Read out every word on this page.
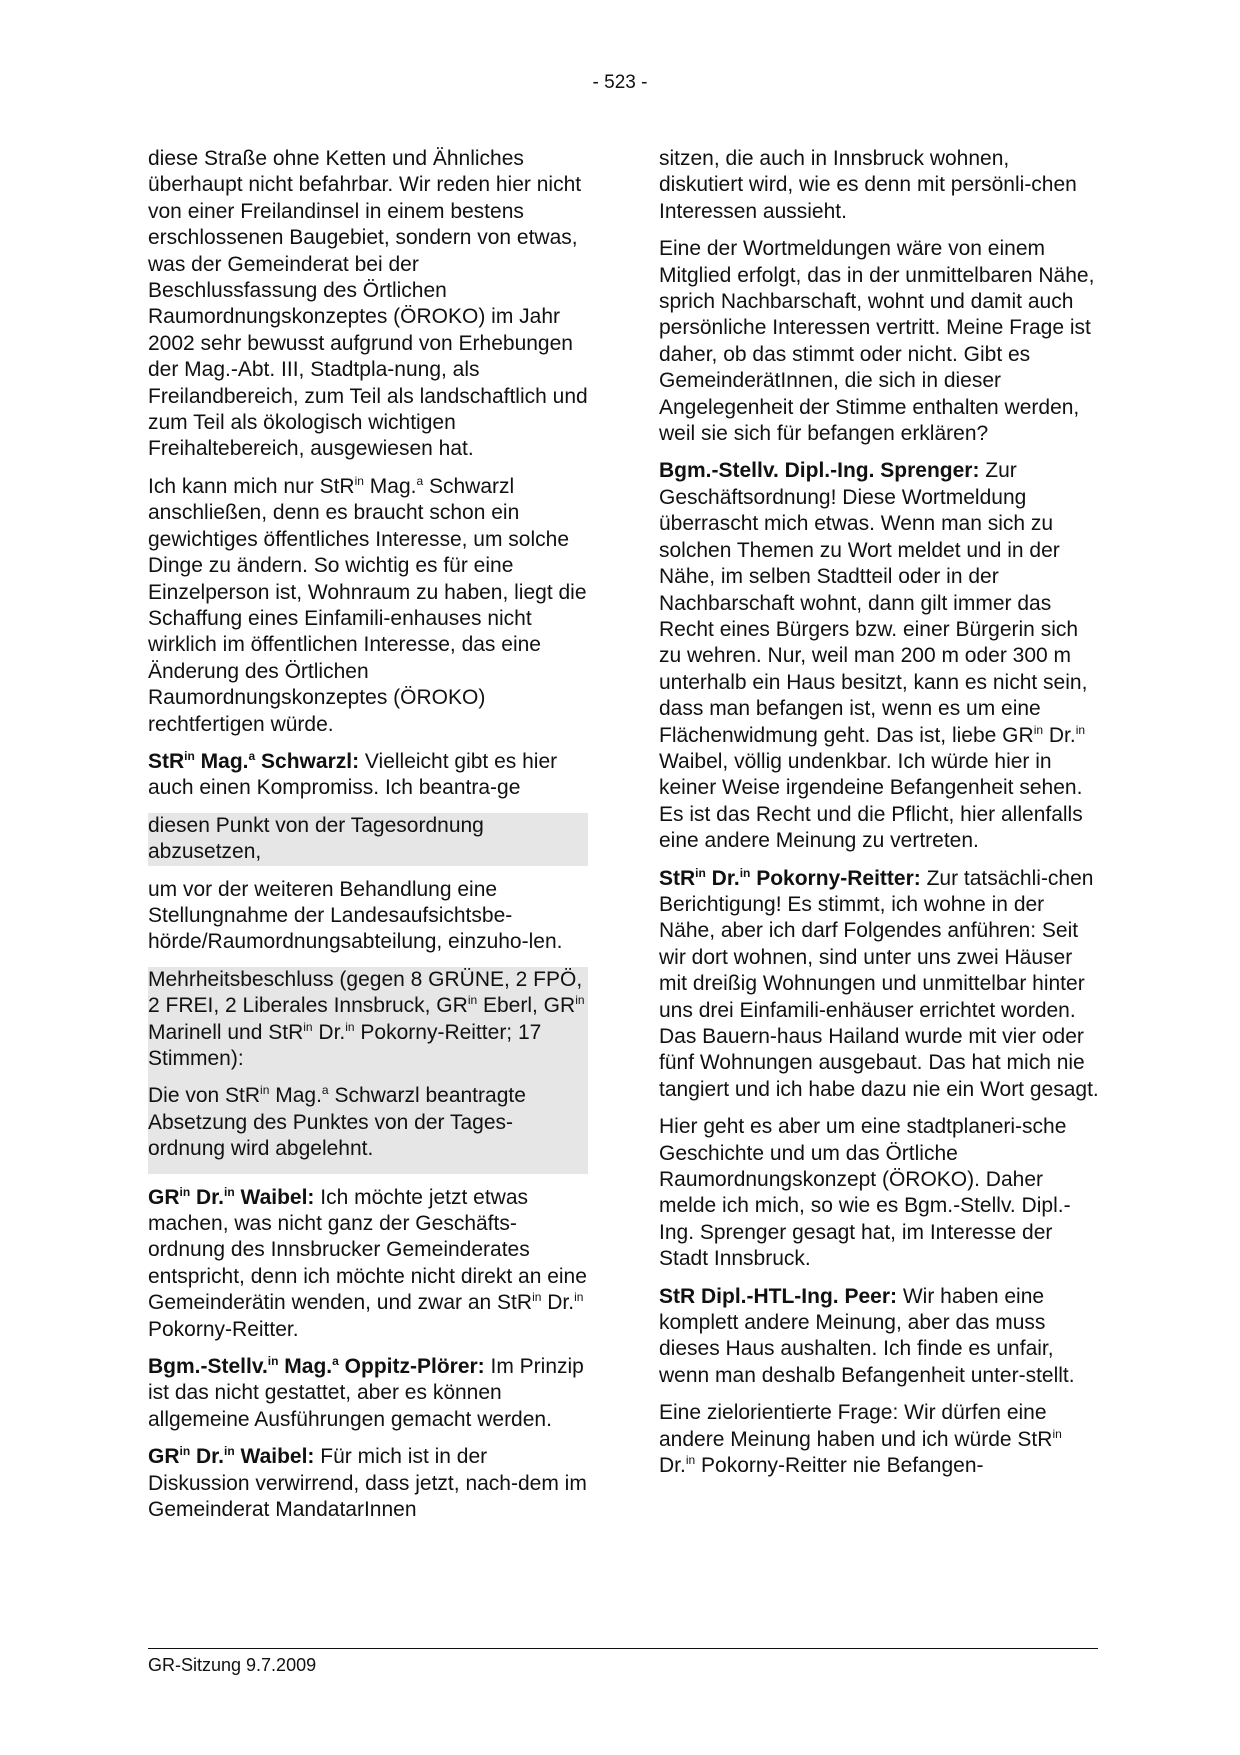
- 523 -

diese Straße ohne Ketten und Ähnliches überhaupt nicht befahrbar. Wir reden hier nicht von einer Freilandinsel in einem bestens erschlossenen Baugebiet, sondern von etwas, was der Gemeinderat bei der Beschlussfassung des Örtlichen Raumordnungskonzeptes (ÖROKO) im Jahr 2002 sehr bewusst aufgrund von Erhebungen der Mag.-Abt. III, Stadtpla-nung, als Freilandbereich, zum Teil als landschaftlich und zum Teil als ökologisch wichtigen Freihaltebereich, ausgewiesen hat.

Ich kann mich nur StR$^{in}$ Mag.$^a$ Schwarzl anschließen, denn es braucht schon ein gewichtiges öffentliches Interesse, um solche Dinge zu ändern. So wichtig es für eine Einzelperson ist, Wohnraum zu haben, liegt die Schaffung eines Einfamili-enhauses nicht wirklich im öffentlichen Interesse, das eine Änderung des Örtlichen Raumordnungskonzeptes (ÖROKO) rechtfertigen würde.

StR$^{in}$ Mag.$^a$ Schwarzl: Vielleicht gibt es hier auch einen Kompromiss. Ich beantra-ge

diesen Punkt von der Tagesordnung abzusetzen,

um vor der weiteren Behandlung eine Stellungnahme der Landesaufsichtsbe-hörde/Raumordnungsabteilung, einzuho-len.

Mehrheitsbeschluss (gegen 8 GRÜNE, 2 FPÖ, 2 FREI, 2 Liberales Innsbruck, $GR^{in}$ Eberl, $GR^{in}$ Marinell und StR$^{in}$ Dr.$^{in}$ Pokorny-Reitter; 17 Stimmen):

Die von StR$^{in}$ Mag.$^a$ Schwarzl beantragte Absetzung des Punktes von der Tages-ordnung wird abgelehnt.

$GR^{in}$ Dr.$^{in}$ Waibel: Ich möchte jetzt etwas machen, was nicht ganz der Geschäfts-ordnung des Innsbrucker Gemeinderates entspricht, denn ich möchte nicht direkt an eine Gemeinderätin wenden, und zwar an StR$^{in}$ Dr.$^{in}$ Pokorny-Reitter.

Bgm.-Stellv.$^{in}$ Mag.$^a$ Oppitz-Plörer: Im Prinzip ist das nicht gestattet, aber es können allgemeine Ausführungen gemacht werden.

$GR^{in}$ Dr.$^{in}$ Waibel: Für mich ist in der Diskussion verwirrend, dass jetzt, nach-dem im Gemeinderat MandatarInnen

sitzen, die auch in Innsbruck wohnen, diskutiert wird, wie es denn mit persönli-chen Interessen aussieht.

Eine der Wortmeldungen wäre von einem Mitglied erfolgt, das in der unmittelbaren Nähe, sprich Nachbarschaft, wohnt und damit auch persönliche Interessen vertritt. Meine Frage ist daher, ob das stimmt oder nicht. Gibt es GemeinderätInnen, die sich in dieser Angelegenheit der Stimme enthalten werden, weil sie sich für befangen erklären?

Bgm.-Stellv. Dipl.-Ing. Sprenger: Zur Geschäftsordnung! Diese Wortmeldung überrascht mich etwas. Wenn man sich zu solchen Themen zu Wort meldet und in der Nähe, im selben Stadtteil oder in der Nachbarschaft wohnt, dann gilt immer das Recht eines Bürgers bzw. einer Bürgerin sich zu wehren. Nur, weil man 200 m oder 300 m unterhalb ein Haus besitzt, kann es nicht sein, dass man befangen ist, wenn es um eine Flächenwidmung geht. Das ist, liebe $GR^{in}$ Dr.$^{in}$ Waibel, völlig undenkbar. Ich würde hier in keiner Weise irgendeine Befangenheit sehen. Es ist das Recht und die Pflicht, hier allenfalls eine andere Meinung zu vertreten.

StR$^{in}$ Dr.$^{in}$ Pokorny-Reitter: Zur tatsächli-chen Berichtigung! Es stimmt, ich wohne in der Nähe, aber ich darf Folgendes anführen: Seit wir dort wohnen, sind unter uns zwei Häuser mit dreißig Wohnungen und unmittelbar hinter uns drei Einfamili-enhäuser errichtet worden. Das Bauern-haus Hailand wurde mit vier oder fünf Wohnungen ausgebaut. Das hat mich nie tangiert und ich habe dazu nie ein Wort gesagt.

Hier geht es aber um eine stadtplaneri-sche Geschichte und um das Örtliche Raumordnungskonzept (ÖROKO). Daher melde ich mich, so wie es Bgm.-Stellv. Dipl.-Ing. Sprenger gesagt hat, im Interesse der Stadt Innsbruck.

StR Dipl.-HTL-Ing. Peer: Wir haben eine komplett andere Meinung, aber das muss dieses Haus aushalten. Ich finde es unfair, wenn man deshalb Befangenheit unter-stellt.

Eine zielorientierte Frage: Wir dürfen eine andere Meinung haben und ich würde StR$^{in}$ Dr.$^{in}$ Pokorny-Reitter nie Befangen-

GR-Sitzung 9.7.2009
